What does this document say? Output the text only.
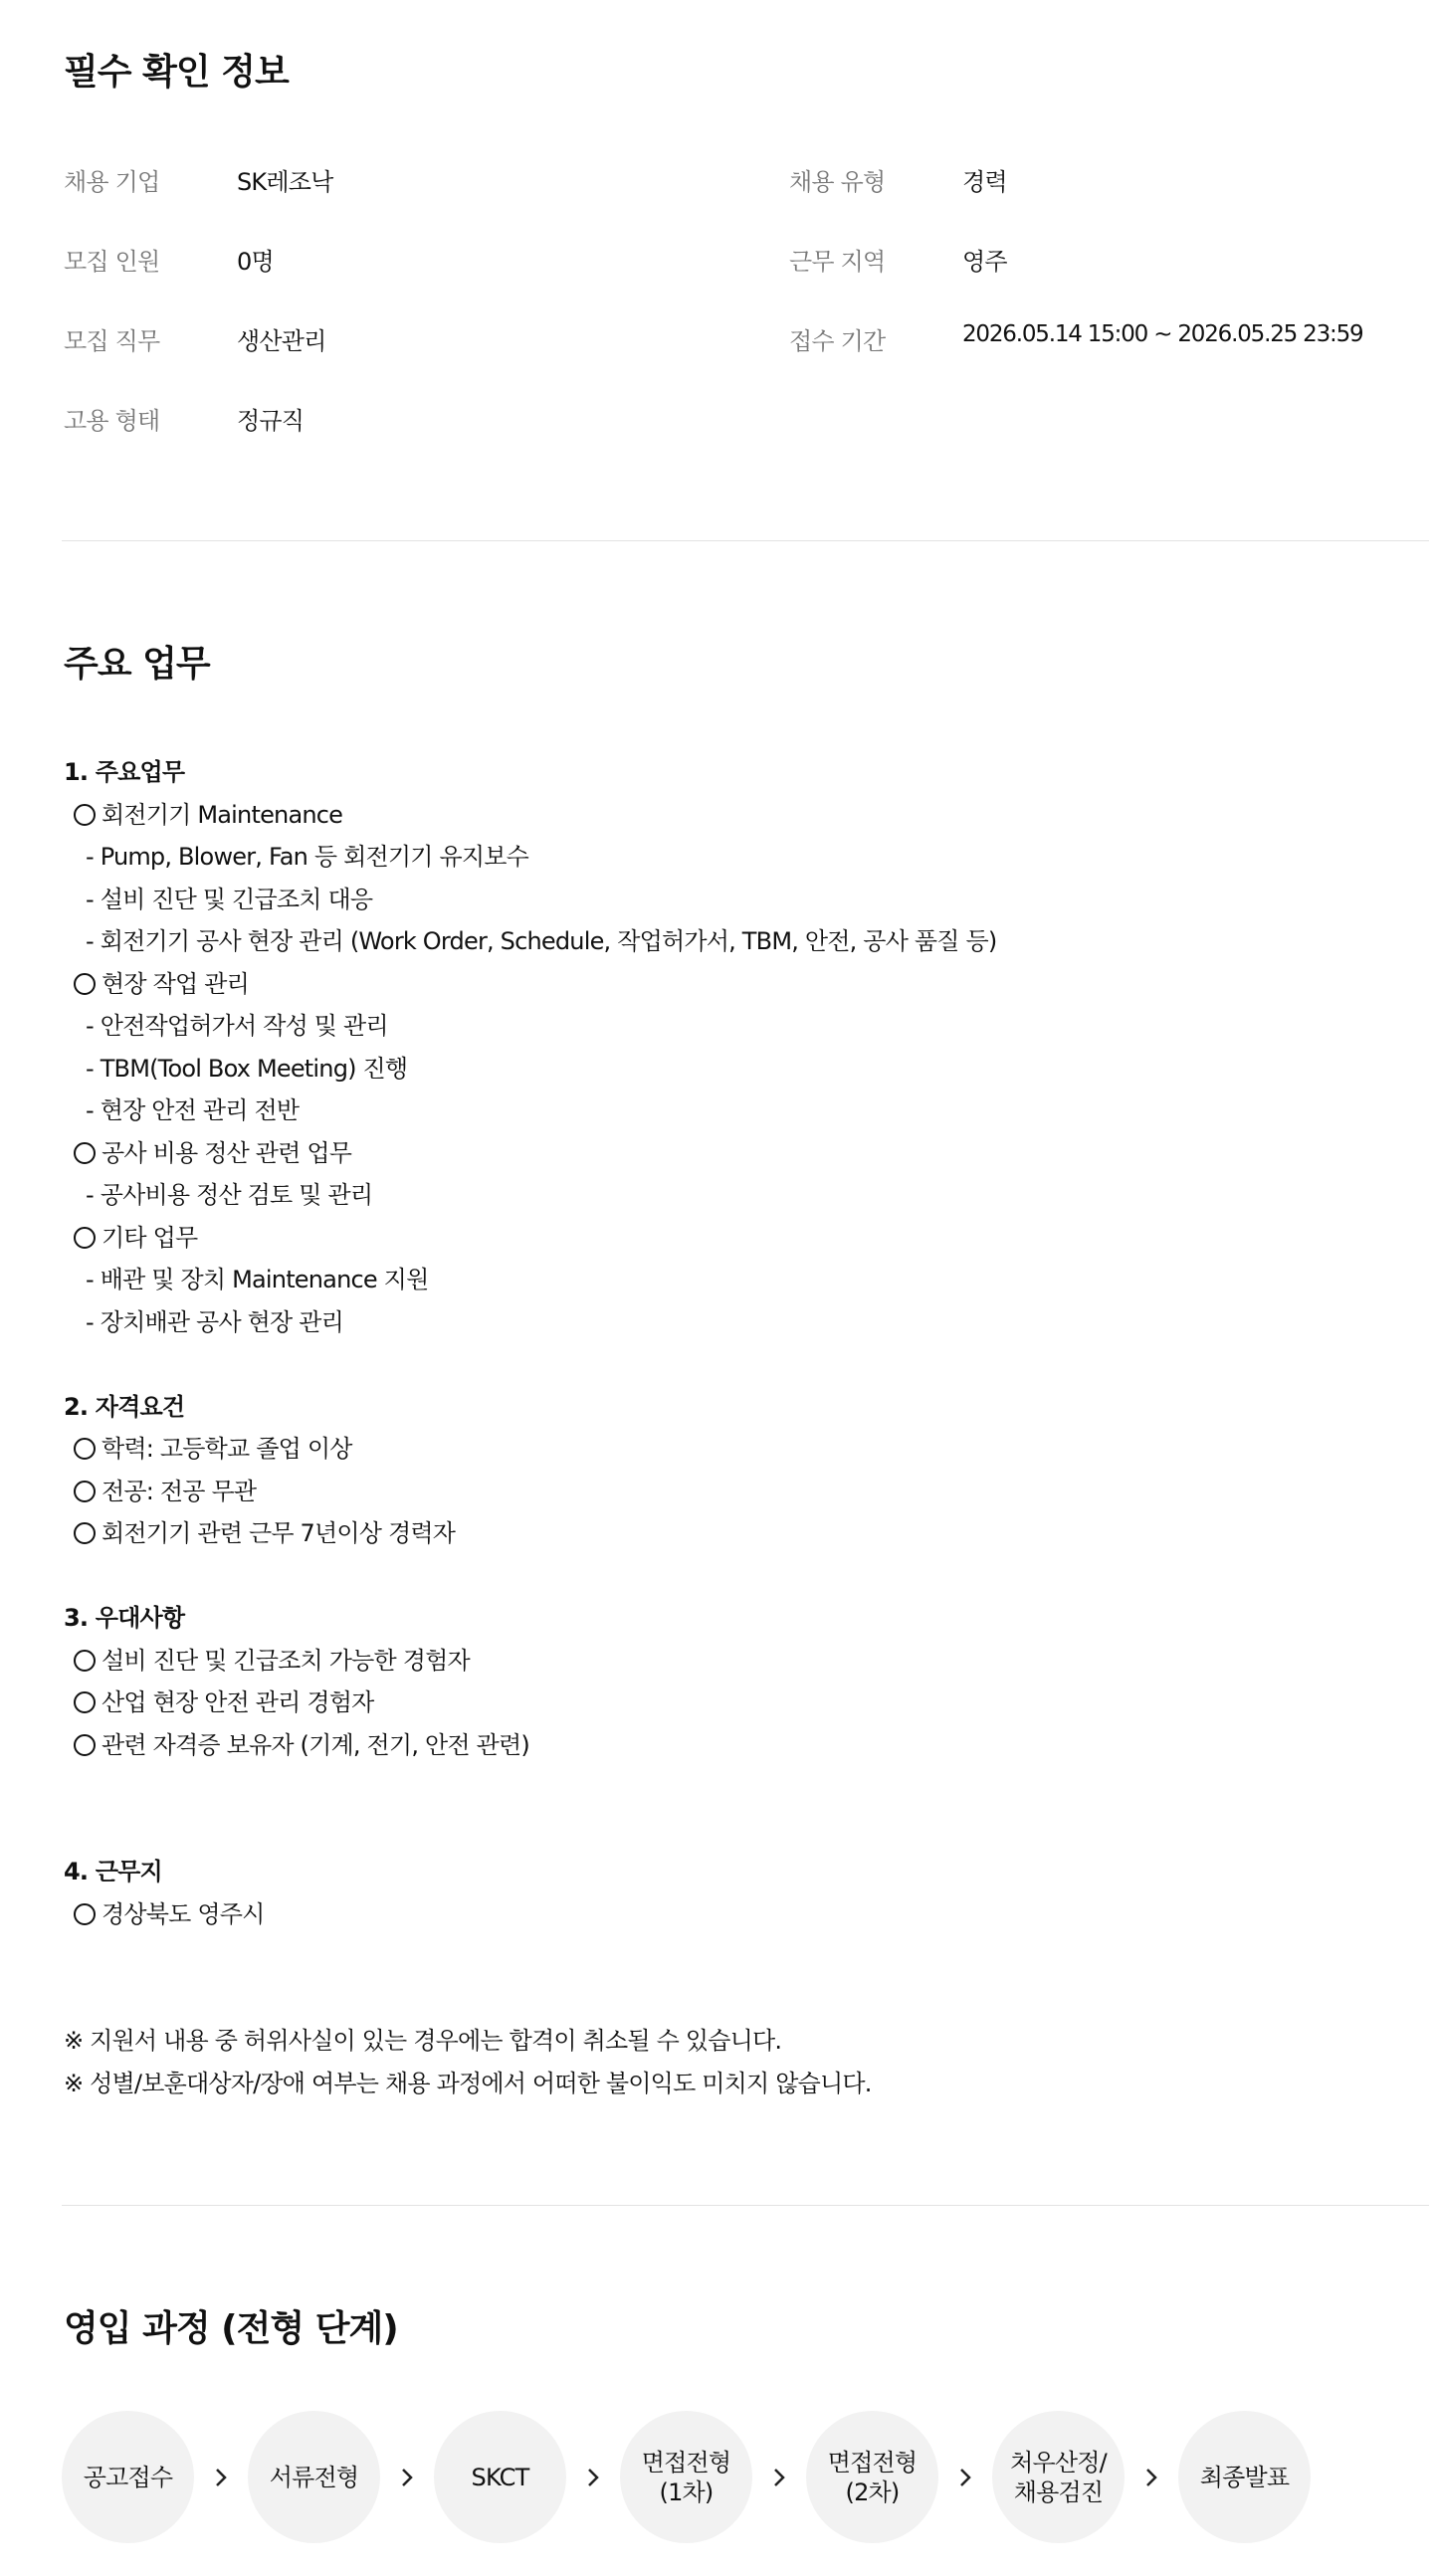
필수 확인 정보
채용 기업	SK레조낙
모집 인원	0명
모집 직무	생산관리
고용 형태	정규직
채용 유형	경력
근무 지역	영주
접수 기간	2026.05.14 15:00 ~ 2026.05.25 23:59
주요 업무
1. 주요업무
회전기기 Maintenance
- Pump, Blower, Fan 등 회전기기 유지보수
- 설비 진단 및 긴급조치 대응
- 회전기기 공사 현장 관리 (Work Order, Schedule, 작업허가서, TBM, 안전, 공사 품질 등)
현장 작업 관리
- 안전작업허가서 작성 및 관리
- TBM(Tool Box Meeting) 진행
- 현장 안전 관리 전반
공사 비용 정산 관련 업무
- 공사비용 정산 검토 및 관리
기타 업무
- 배관 및 장치 Maintenance 지원
- 장치배관 공사 현장 관리
2. 자격요건
학력: 고등학교 졸업 이상
전공: 전공 무관
회전기기 관련 근무 7년이상 경력자
3. 우대사항
설비 진단 및 긴급조치 가능한 경험자
산업 현장 안전 관리 경험자
관련 자격증 보유자 (기계, 전기, 안전 관련)
4. 근무지
경상북도 영주시
※ 지원서 내용 중 허위사실이 있는 경우에는 합격이 취소될 수 있습니다.
※ 성별/보훈대상자/장애 여부는 채용 과정에서 어떠한 불이익도 미치지 않습니다.
영입 과정 (전형 단계)
공고접수	서류전형	SKCT
면접전형
(1차)
면접전형
(2차)
처우산정/
채용검진
최종발표
